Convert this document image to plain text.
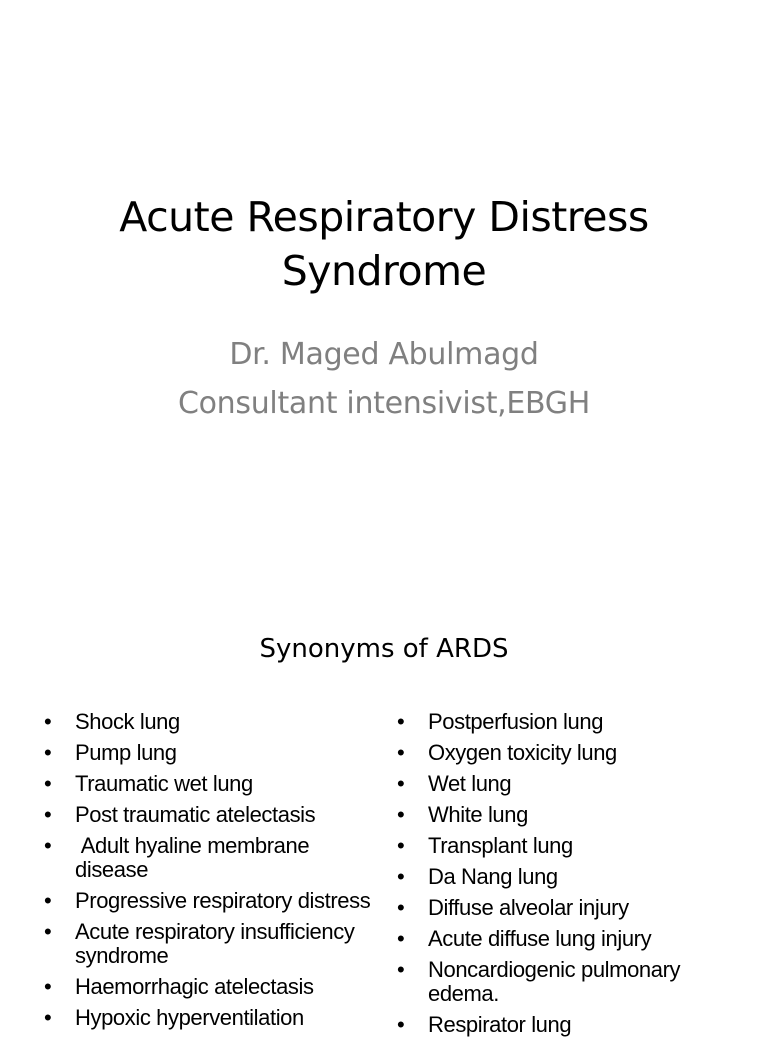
Acute Respiratory Distress
Syndrome
Dr. Maged Abulmagd
Consultant intensivist,EBGH
Synonyms of ARDS
• Shock lung
• Pump lung
• Traumatic wet lung
• Post traumatic atelectasis
• Adult hyaline membrane disease
• Progressive respiratory distress
• Acute respiratory insufficiency syndrome
• Haemorrhagic atelectasis
• Hypoxic hyperventilation
• Postperfusion lung
• Oxygen toxicity lung
• Wet lung
• White lung
• Transplant lung
• Da Nang lung
• Diffuse alveolar injury
• Acute diffuse lung injury
• Noncardiogenic pulmonary edema.
• Respirator lung
